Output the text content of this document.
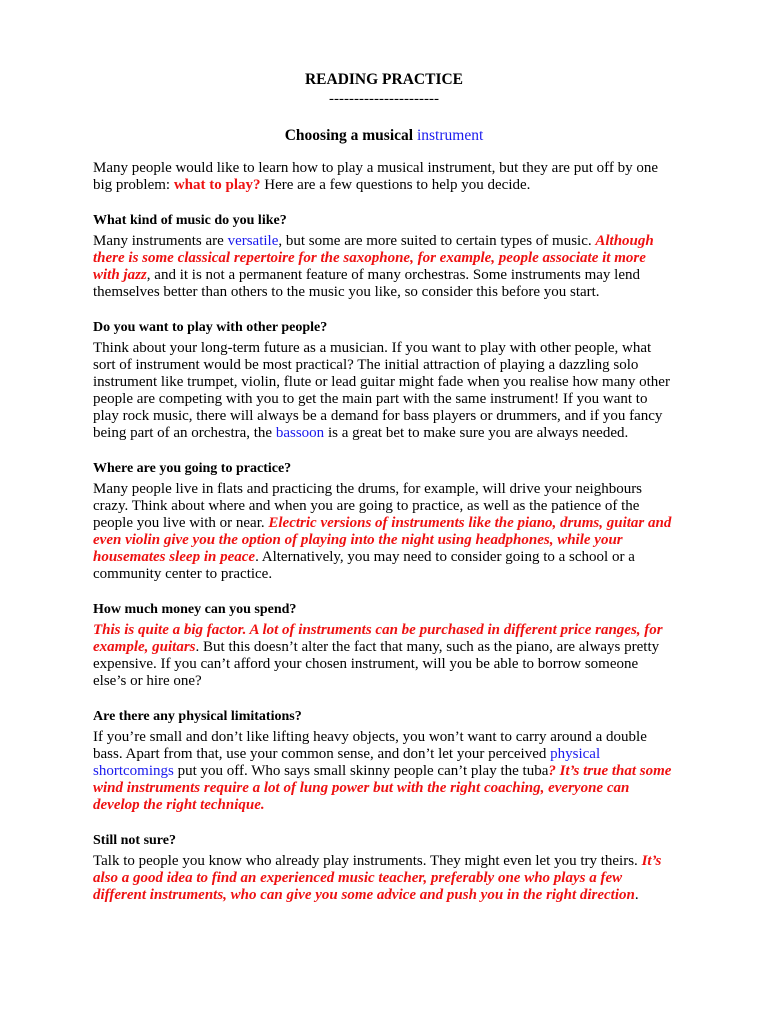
READING PRACTICE
----------------------
Choosing a musical instrument

Many people would like to learn how to play a musical instrument, but they are put off by one big problem: what to play? Here are a few questions to help you decide.

What kind of music do you like?

Many instruments are versatile, but some are more suited to certain types of music. Although there is some classical repertoire for the saxophone, for example, people associate it more with jazz, and it is not a permanent feature of many orchestras. Some instruments may lend themselves better than others to the music you like, so consider this before you start.

Do you want to play with other people?

Think about your long-term future as a musician. If you want to play with other people, what sort of instrument would be most practical? The initial attraction of playing a dazzling solo instrument like trumpet, violin, flute or lead guitar might fade when you realise how many other people are competing with you to get the main part with the same instrument! If you want to play rock music, there will always be a demand for bass players or drummers, and if you fancy being part of an orchestra, the bassoon is a great bet to make sure you are always needed.

Where are you going to practice?

Many people live in flats and practicing the drums, for example, will drive your neighbours crazy. Think about where and when you are going to practice, as well as the patience of the people you live with or near. Electric versions of instruments like the piano, drums, guitar and even violin give you the option of playing into the night using headphones, while your housemates sleep in peace. Alternatively, you may need to consider going to a school or a community center to practice.

How much money can you spend?

This is quite a big factor. A lot of instruments can be purchased in different price ranges, for example, guitars. But this doesn’t alter the fact that many, such as the piano, are always pretty expensive. If you can’t afford your chosen instrument, will you be able to borrow someone else’s or hire one?

Are there any physical limitations?

If you’re small and don’t like lifting heavy objects, you won’t want to carry around a double bass. Apart from that, use your common sense, and don’t let your perceived physical shortcomings put you off. Who says small skinny people can’t play the tuba? It’s true that some wind instruments require a lot of lung power but with the right coaching, everyone can develop the right technique.

Still not sure?

Talk to people you know who already play instruments. They might even let you try theirs. It’s also a good idea to find an experienced music teacher, preferably one who plays a few different instruments, who can give you some advice and push you in the right direction.
